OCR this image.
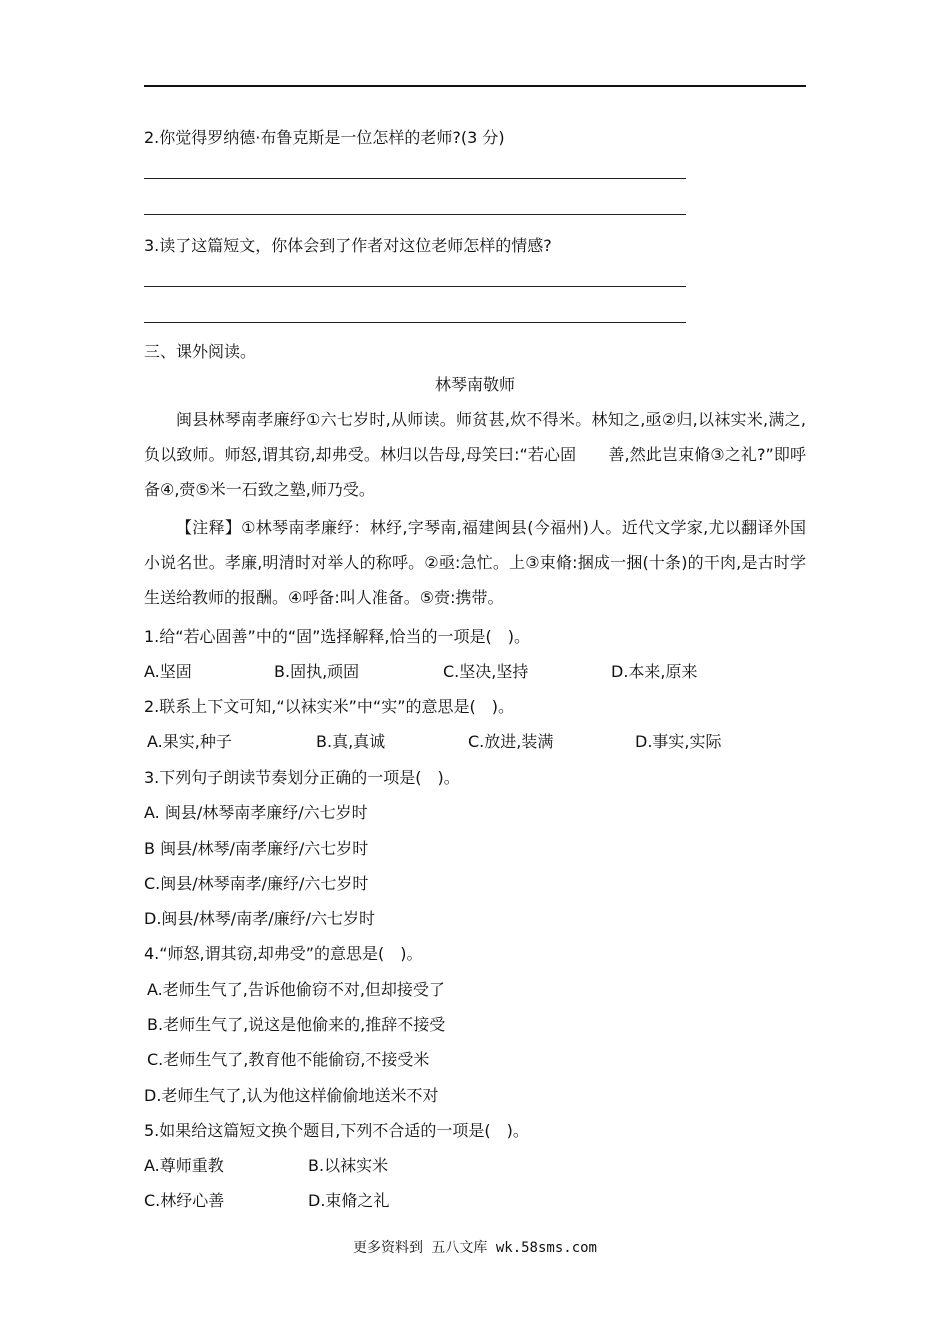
2.你觉得罗纳德·布鲁克斯是一位怎样的老师?(3 分)
3.读了这篇短文，你体会到了作者对这位老师怎样的情感?
三、课外阅读。
林琴南敬师
闽县林琴南孝廉纾①六七岁时,从师读。师贫甚,炊不得米。林知之,亟②归,以袜实米,满之,负以致师。师怒,谓其窃,却弗受。林归以告母,母笑曰:“若心固　　善,然此岂束脩③之礼?”即呼备④,赍⑤米一石致之塾,师乃受。
【注释】①林琴南孝廉纾：林纾,字琴南,福建闽县(今福州)人。近代文学家,尤以翻译外国小说名世。孝廉,明清时对举人的称呼。②亟:急忙。上③束脩:捆成一捆(十条)的干肉,是古时学生送给教师的报酬。④呼备:叫人准备。⑤赍:携带。
1.给“若心固善”中的“固”选择解释,恰当的一项是(　)。
A.坚固	B.固执,顽固	C.坚决,坚持	D.本来,原来
2.联系上下文可知,“以袜实米”中“实”的意思是(　)。
A.果实,种子	B.真,真诚	C.放进,装满	D.事实,实际
3.下列句子朗读节奏划分正确的一项是(　)。
A. 闽县/林琴南孝廉纾/六七岁时
B 闽县/林琴/南孝廉纾/六七岁时
C.闽县/林琴南孝/廉纾/六七岁时
D.闽县/林琴/南孝/廉纾/六七岁时
4.“师怒,谓其窃,却弗受”的意思是(　)。
A.老师生气了,告诉他偷窃不对,但却接受了
B.老师生气了,说这是他偷来的,推辞不接受
C.老师生气了,教育他不能偷窃,不接受米
D.老师生气了,认为他这样偷偷地送米不对
5.如果给这篇短文换个题目,下列不合适的一项是(　)。
A.尊师重教	B.以袜实米
C.林纾心善	D.束脩之礼
更多资料到 五八文库 wk.58sms.com
